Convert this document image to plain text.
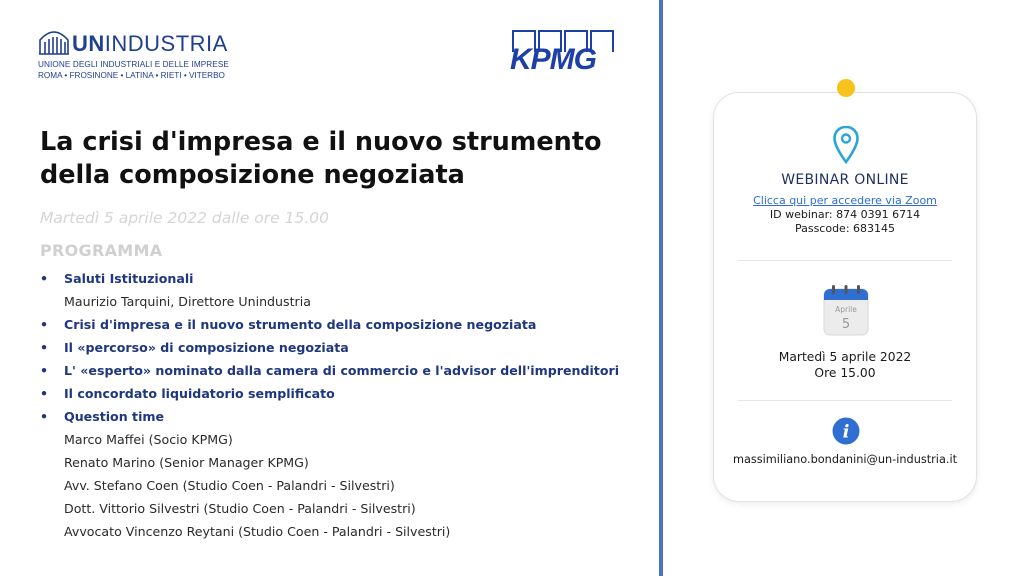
UNINDUSTRIA
UNIONE DEGLI INDUSTRIALI E DELLE IMPRESE
ROMA • FROSINONE • LATINA • RIETI • VITERBO	KPMG
La crisi d'impresa e il nuovo strumento
della composizione negoziata
Martedì 5 aprile 2022 dalle ore 15.00
PROGRAMMA
• Saluti Istituzionali
Maurizio Tarquini, Direttore Unindustria
• Crisi d'impresa e il nuovo strumento della composizione negoziata
• Il «percorso» di composizione negoziata
• L' «esperto» nominato dalla camera di commercio e l'advisor dell'imprenditori
• Il concordato liquidatorio semplificato
• Question time
Marco Maffei (Socio KPMG)
Renato Marino (Senior Manager KPMG)
Avv. Stefano Coen (Studio Coen - Palandri - Silvestri)
Dott. Vittorio Silvestri (Studio Coen - Palandri - Silvestri)
Avvocato Vincenzo Reytani (Studio Coen - Palandri - Silvestri)
WEBINAR ONLINE
Clicca qui per accedere via Zoom
ID webinar: 874 0391 6714
Passcode: 683145
Aprile
5
Martedì 5 aprile 2022
Ore 15.00
i
massimiliano.bondanini@un-industria.it
